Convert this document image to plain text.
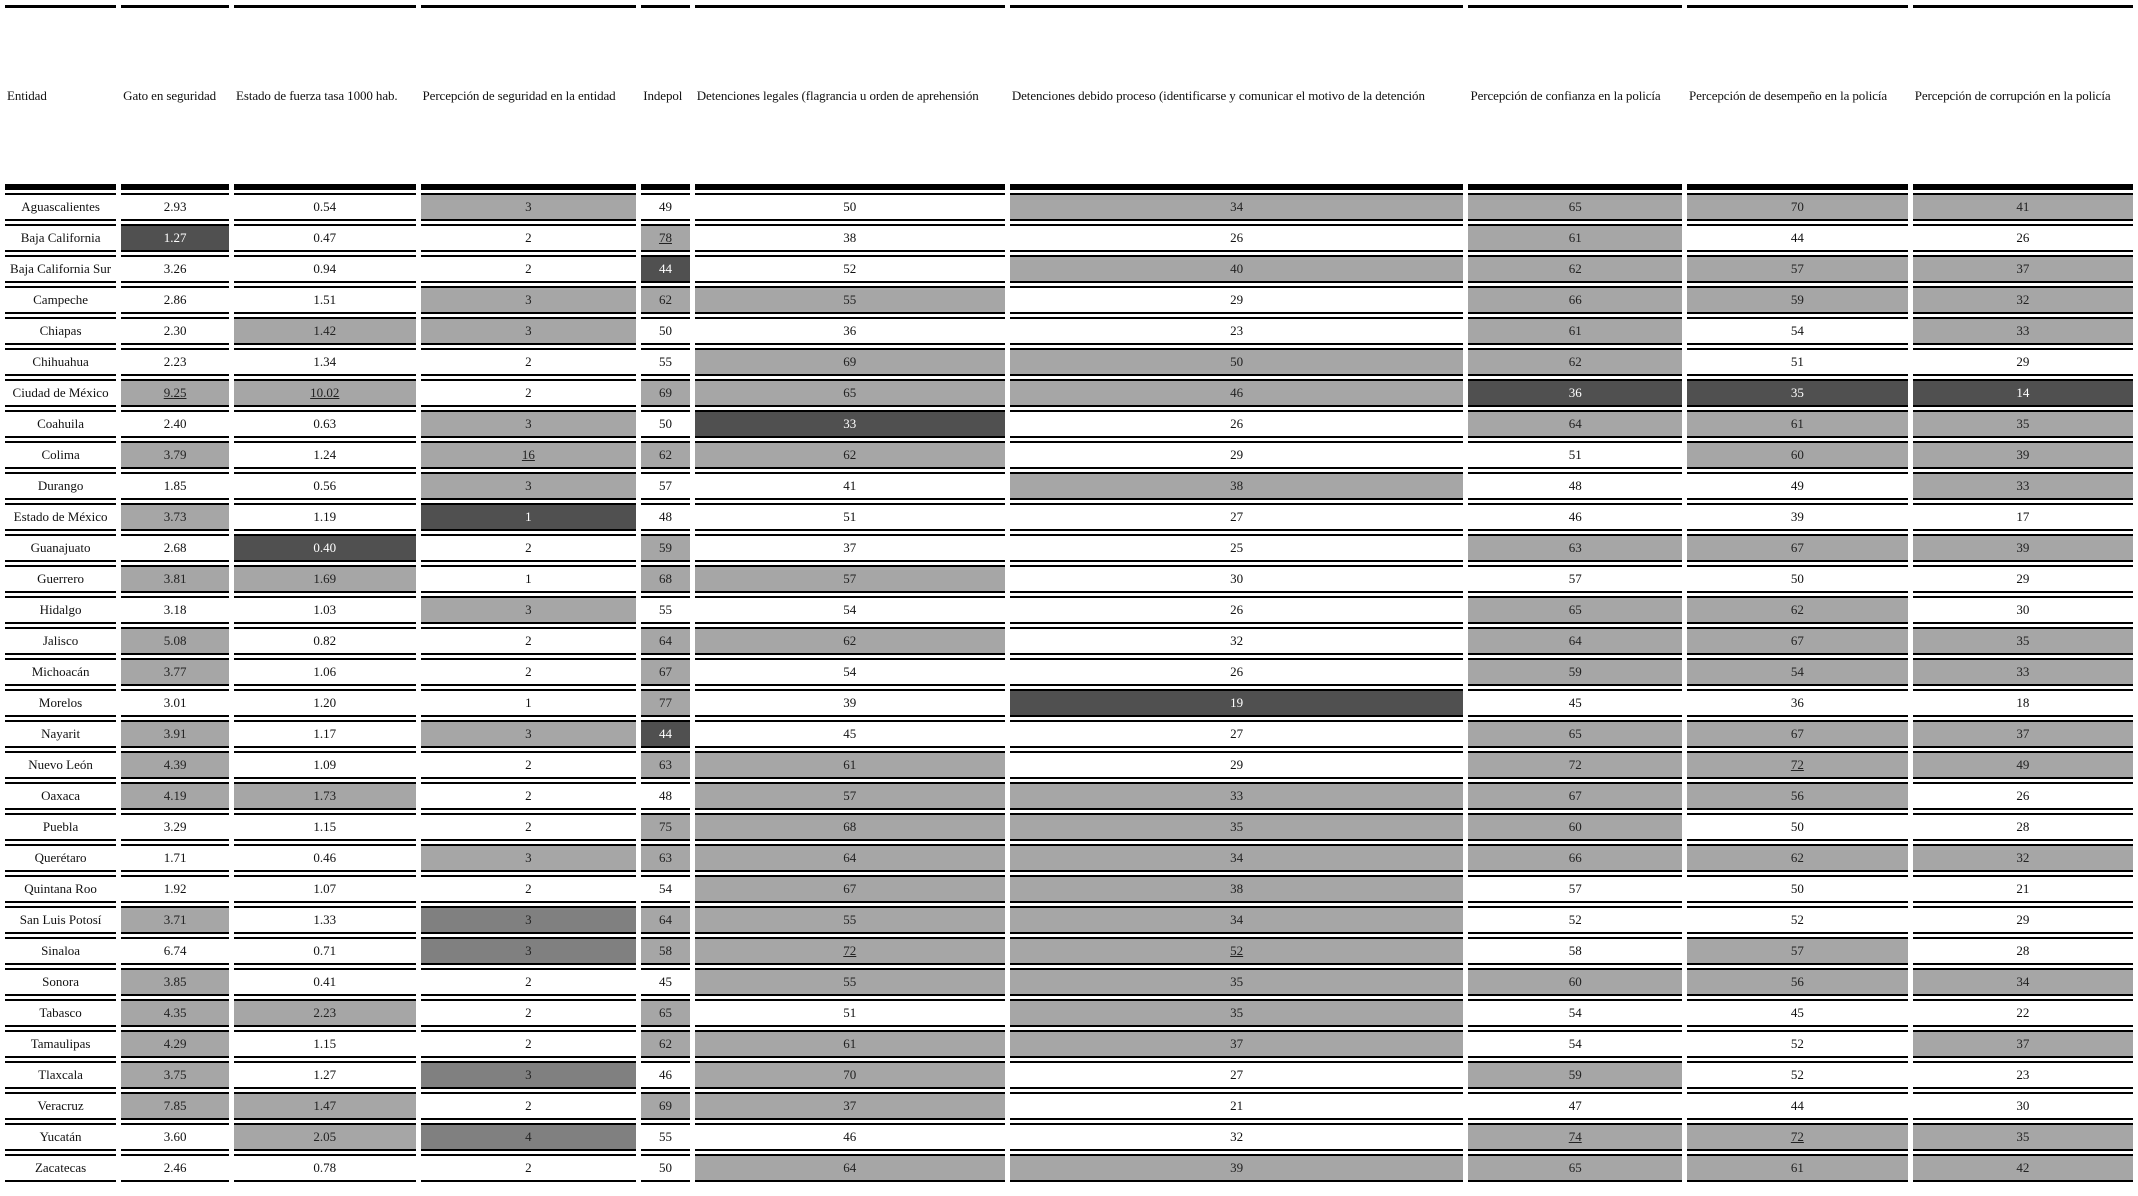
Entidad	Gato en seguridad	Estado de fuerza tasa 1000 hab.	Percepción de seguridad en la entidad	Indepol	Detenciones legales (flagrancia u orden de aprehensión	Detenciones debido proceso (identificarse y comunicar el motivo de la detención	Percepción de confianza en la policía	Percepción de desempeño en la policía	Percepción de corrupción en la policía

Aguascalientes	2.93	0.54	3	49	50	34	65	70	41

Baja California	1.27	0.47	2	78	38	26	61	44	26

Baja California Sur	3.26	0.94	2	44	52	40	62	57	37

Campeche	2.86	1.51	3	62	55	29	66	59	32

Chiapas	2.30	1.42	3	50	36	23	61	54	33

Chihuahua	2.23	1.34	2	55	69	50	62	51	29

Ciudad de México	9.25	10.02	2	69	65	46	36	35	14

Coahuila	2.40	0.63	3	50	33	26	64	61	35

Colima	3.79	1.24	16	62	62	29	51	60	39

Durango	1.85	0.56	3	57	41	38	48	49	33

Estado de México	3.73	1.19	1	48	51	27	46	39	17

Guanajuato	2.68	0.40	2	59	37	25	63	67	39

Guerrero	3.81	1.69	1	68	57	30	57	50	29

Hidalgo	3.18	1.03	3	55	54	26	65	62	30

Jalisco	5.08	0.82	2	64	62	32	64	67	35

Michoacán	3.77	1.06	2	67	54	26	59	54	33

Morelos	3.01	1.20	1	77	39	19	45	36	18

Nayarit	3.91	1.17	3	44	45	27	65	67	37

Nuevo León	4.39	1.09	2	63	61	29	72	72	49

Oaxaca	4.19	1.73	2	48	57	33	67	56	26

Puebla	3.29	1.15	2	75	68	35	60	50	28

Querétaro	1.71	0.46	3	63	64	34	66	62	32

Quintana Roo	1.92	1.07	2	54	67	38	57	50	21

San Luis Potosí	3.71	1.33	3	64	55	34	52	52	29

Sinaloa	6.74	0.71	3	58	72	52	58	57	28

Sonora	3.85	0.41	2	45	55	35	60	56	34

Tabasco	4.35	2.23	2	65	51	35	54	45	22

Tamaulipas	4.29	1.15	2	62	61	37	54	52	37

Tlaxcala	3.75	1.27	3	46	70	27	59	52	23

Veracruz	7.85	1.47	2	69	37	21	47	44	30

Yucatán	3.60	2.05	4	55	46	32	74	72	35

Zacatecas	2.46	0.78	2	50	64	39	65	61	42
